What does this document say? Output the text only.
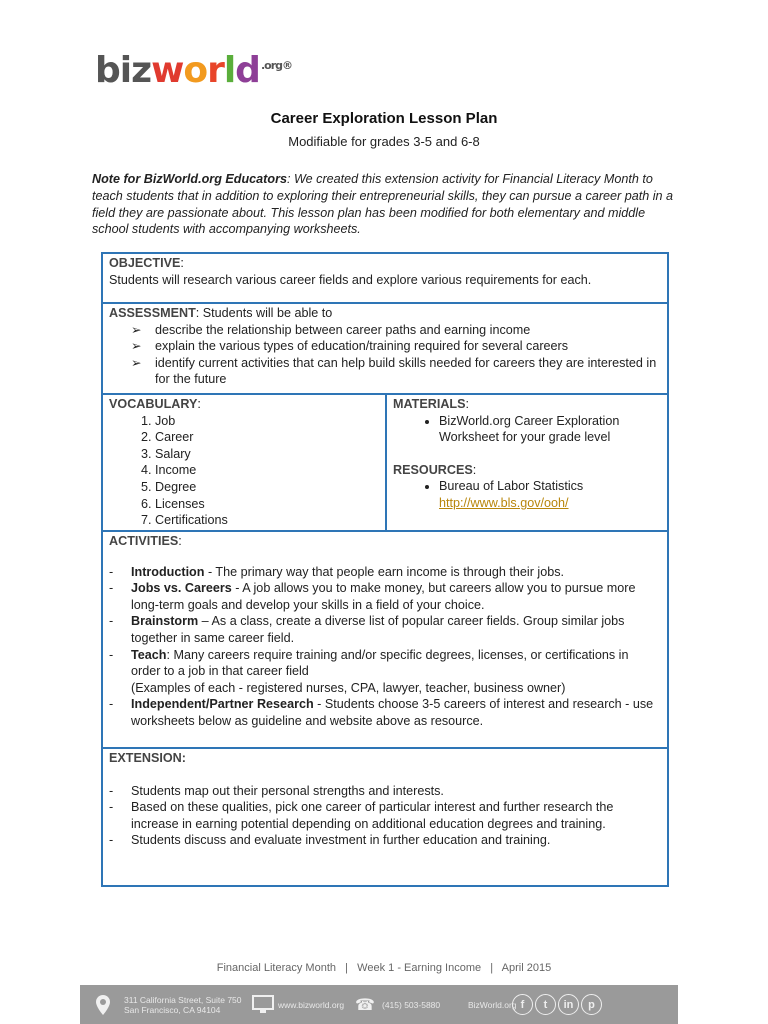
bizworld$^{.org®}$
Career Exploration Lesson Plan
Modifiable for grades 3-5 and 6-8
Note for BizWorld.org Educators: We created this extension activity for Financial Literacy Month to teach students that in addition to exploring their entrepreneurial skills, they can pursue a career path in a field they are passionate about. This lesson plan has been modified for both elementary and middle school students with accompanying worksheets.
OBJECTIVE:
Students will research various career fields and explore various requirements for each.
ASSESSMENT: Students will be able to
➢ describe the relationship between career paths and earning income
➢ explain the various types of education/training required for several careers
➢ identify current activities that can help build skills needed for careers they are interested in for the future
VOCABULARY:
1. Job
2. Career
3. Salary
4. Income
5. Degree
6. Licenses
7. Certifications
MATERIALS:
• BizWorld.org Career Exploration Worksheet for your grade level
RESOURCES:
• Bureau of Labor Statistics
http://www.bls.gov/ooh/
ACTIVITIES:
-	Introduction - The primary way that people earn income is through their jobs.
-	Jobs vs. Careers - A job allows you to make money, but careers allow you to pursue more long-term goals and develop your skills in a field of your choice.
-	Brainstorm – As a class, create a diverse list of popular career fields. Group similar jobs together in same career field.
-	Teach: Many careers require training and/or specific degrees, licenses, or certifications in order to a job in that career field
(Examples of each - registered nurses, CPA, lawyer, teacher, business owner)
-	Independent/Partner Research - Students choose 3-5 careers of interest and research - use worksheets below as guideline and website above as resource.
EXTENSION:
-	Students map out their personal strengths and interests.
-	Based on these qualities, pick one career of particular interest and further research the increase in earning potential depending on additional education degrees and training.
-	Students discuss and evaluate investment in further education and training.
Financial Literacy Month   |   Week 1 - Earning Income   |   April 2015
311 California Street, Suite 750
San Francisco, CA 94104	www.bizworld.org ☎ (415) 503-5880	BizWorld.org f	t	in	p
